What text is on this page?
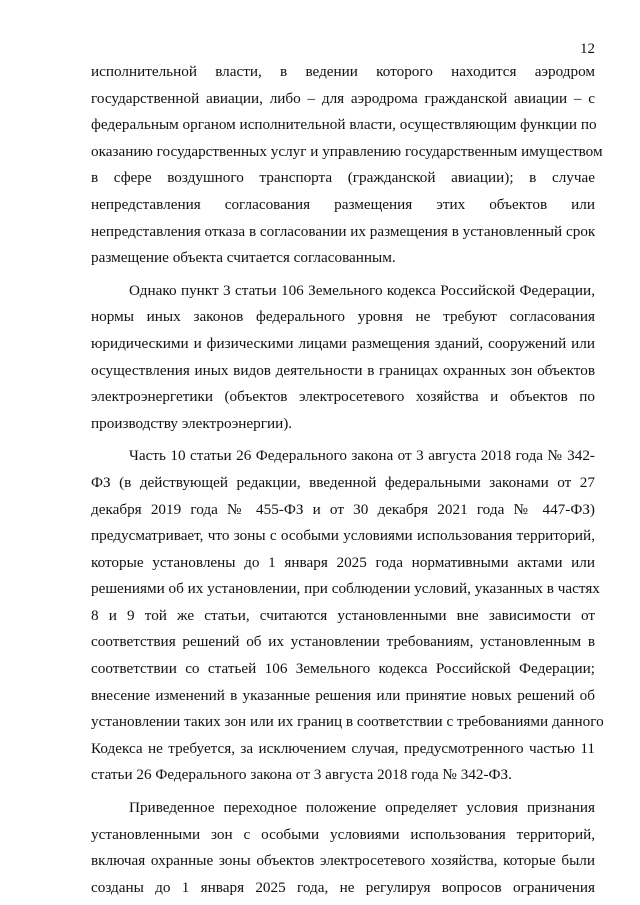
12
исполнительной власти, в ведении которого находится аэродром
государственной авиации, либо – для аэродрома гражданской авиации – с
федеральным органом исполнительной власти, осуществляющим функции по
оказанию государственных услуг и управлению государственным имуществом
в сфере воздушного транспорта (гражданской авиации); в случае
непредставления согласования размещения этих объектов или
непредставления отказа в согласовании их размещения в установленный срок
размещение объекта считается согласованным.
Однако пункт 3 статьи 106 Земельного кодекса Российской Федерации,
нормы иных законов федерального уровня не требуют согласования
юридическими и физическими лицами размещения зданий, сооружений или
осуществления иных видов деятельности в границах охранных зон объектов
электроэнергетики (объектов электросетевого хозяйства и объектов по
производству электроэнергии).
Часть 10 статьи 26 Федерального закона от 3 августа 2018 года № 342-
ФЗ (в действующей редакции, введенной федеральными законами от 27
декабря 2019 года № 455-ФЗ и от 30 декабря 2021 года № 447-ФЗ)
предусматривает, что зоны с особыми условиями использования территорий,
которые установлены до 1 января 2025 года нормативными актами или
решениями об их установлении, при соблюдении условий, указанных в частях
8 и 9 той же статьи, считаются установленными вне зависимости от
соответствия решений об их установлении требованиям, установленным в
соответствии со статьей 106 Земельного кодекса Российской Федерации;
внесение изменений в указанные решения или принятие новых решений об
установлении таких зон или их границ в соответствии с требованиями данного
Кодекса не требуется, за исключением случая, предусмотренного частью 11
статьи 26 Федерального закона от 3 августа 2018 года № 342-ФЗ.
Приведенное переходное положение определяет условия признания
установленными зон с особыми условиями использования территорий,
включая охранные зоны объектов электросетевого хозяйства, которые были
созданы до 1 января 2025 года, не регулируя вопросов ограничения
